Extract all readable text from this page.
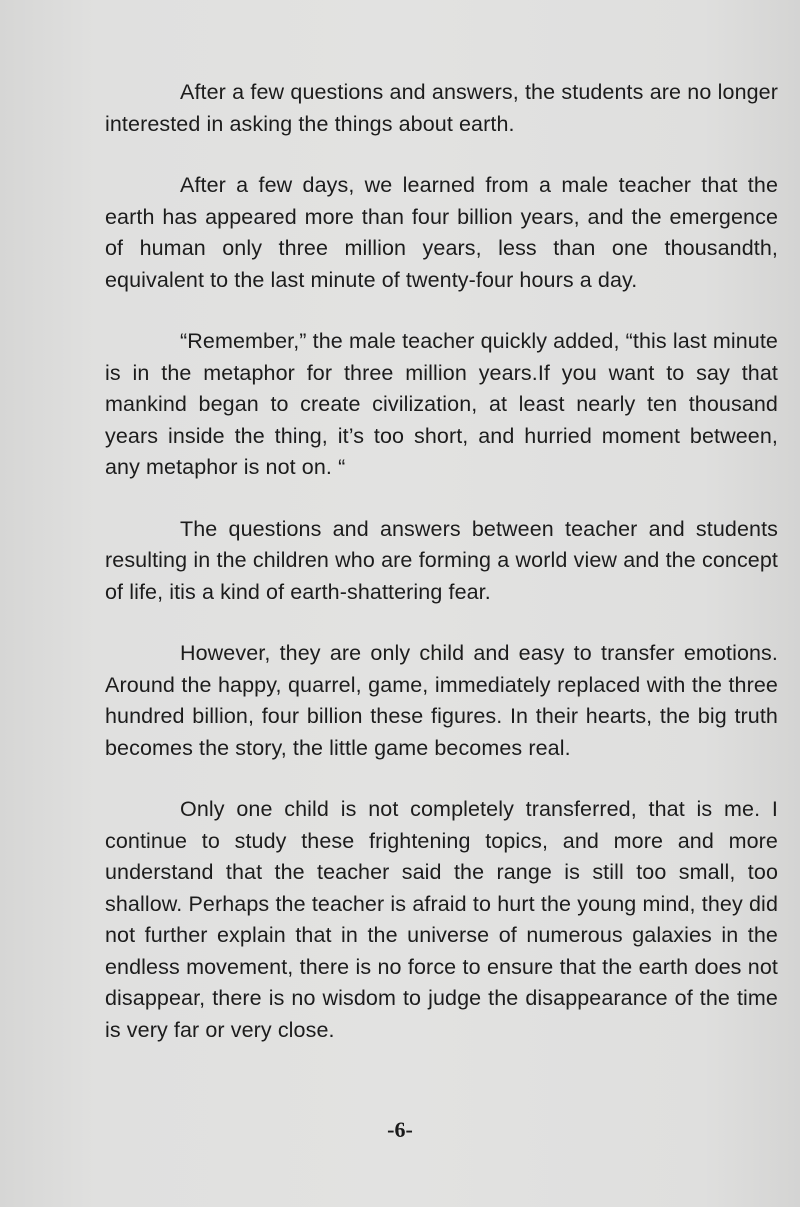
After a few questions and answers, the students are no longer interested in asking the things about earth.

After a few days, we learned from a male teacher that the earth has appeared more than four billion years, and the emergence of human only three million years, less than one thousandth, equivalent to the last minute of twenty-four hours a day.

“Remember,” the male teacher quickly added, “this last minute is in the metaphor for three million years.If you want to say that mankind began to create civilization, at least nearly ten thousand years inside the thing, it’s too short, and hurried moment between, any metaphor is not on. “

The questions and answers between teacher and students resulting in the children who are forming a world view and the concept of life, itis a kind of earth-shattering fear.

However, they are only child and easy to transfer emotions. Around the happy, quarrel, game, immediately replaced with the three hundred billion, four billion these figures. In their hearts, the big truth becomes the story, the little game becomes real.

Only one child is not completely transferred, that is me. I continue to study these frightening topics, and more and more understand that the teacher said the range is still too small, too shallow. Perhaps the teacher is afraid to hurt the young mind, they did not further explain that in the universe of numerous galaxies in the endless movement, there is no force to ensure that the earth does not disappear, there is no wisdom to judge the disappearance of the time is very far or very close.

-6-
